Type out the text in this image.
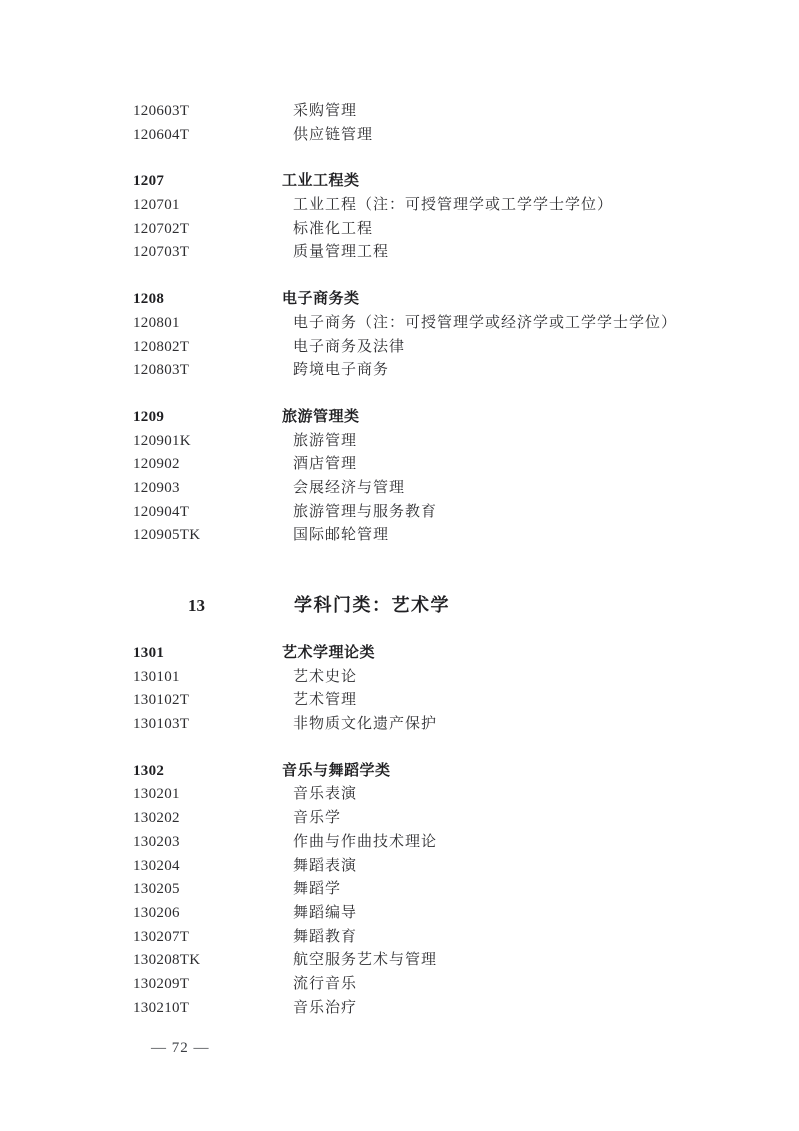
120603T	采购管理
120604T	供应链管理
1207	工业工程类
120701	工业工程（注：可授管理学或工学学士学位）
120702T	标准化工程
120703T	质量管理工程
1208	电子商务类
120801	电子商务（注：可授管理学或经济学或工学学士学位）
120802T	电子商务及法律
120803T	跨境电子商务
1209	旅游管理类
120901K	旅游管理
120902	酒店管理
120903	会展经济与管理
120904T	旅游管理与服务教育
120905TK	国际邮轮管理
13	学科门类：艺术学
1301	艺术学理论类
130101	艺术史论
130102T	艺术管理
130103T	非物质文化遗产保护
1302	音乐与舞蹈学类
130201	音乐表演
130202	音乐学
130203	作曲与作曲技术理论
130204	舞蹈表演
130205	舞蹈学
130206	舞蹈编导
130207T	舞蹈教育
130208TK	航空服务艺术与管理
130209T	流行音乐
130210T	音乐治疗
— 72 —
